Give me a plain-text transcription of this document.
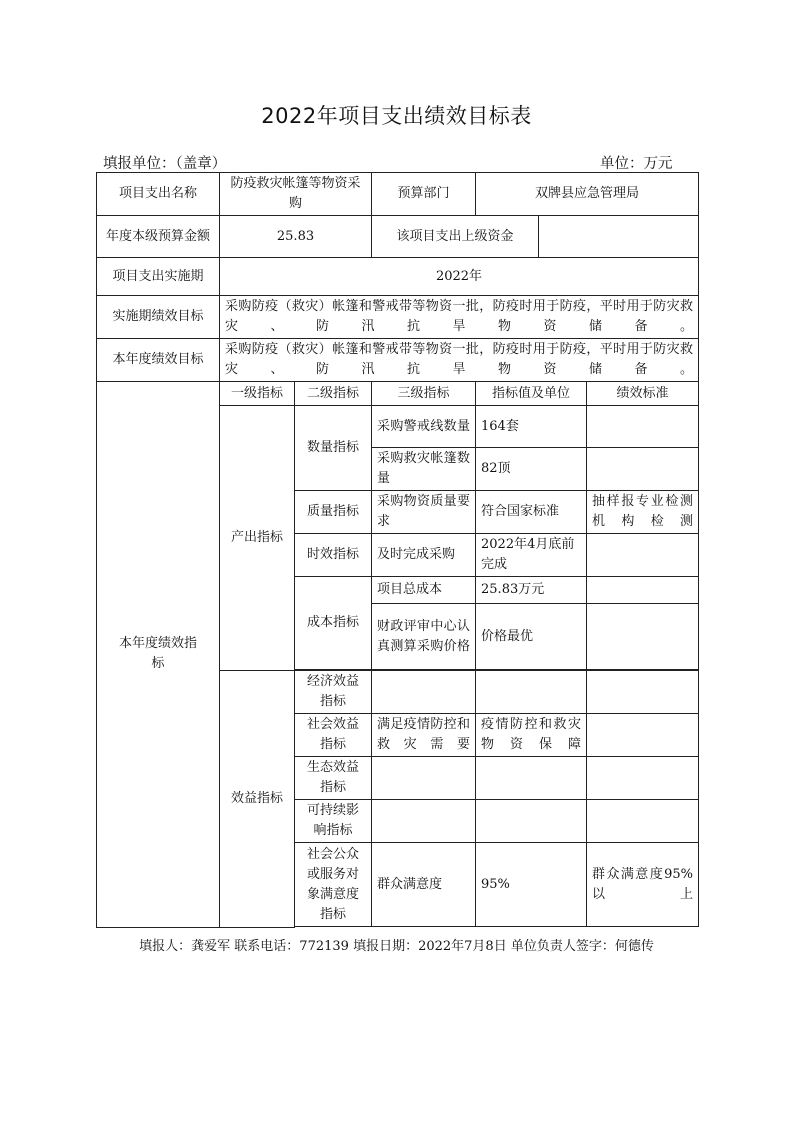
2022年项目支出绩效目标表
填报单位：（盖章）	单位：万元
项目支出名称	防疫救灾帐篷等物资采购		预算部门	双牌县应急管理局		
年度本级预算金额	25.83		该项目支出上级资金			
项目支出实施期	2022年					
实施期绩效目标	采购防疫（救灾）帐篷和警戒带等物资一批，防疫时用于防疫，平时用于防灾救灾、防汛抗旱物资储备。					
本年度绩效目标	采购防疫（救灾）帐篷和警戒带等物资一批，防疫时用于防疫，平时用于防灾救灾、防汛抗旱物资储备。					
本年度绩效指标	一级指标	二级指标	三级指标	指标值及单位		绩效标准
	产出指标	数量指标	采购警戒线数量	164套		
			采购救灾帐篷数量	82顶		
		质量指标	采购物资质量要求	符合国家标准		抽样报专业检测机构检测
		时效指标	及时完成采购	2022年4月底前完成		
		成本指标	项目总成本	25.83万元		
			财政评审中心认真测算采购价格	价格最优		

	效益指标	经济效益指标				
		社会效益指标	满足疫情防控和救灾需要	疫情防控和救灾物资保障		
		生态效益指标				
		可持续影响指标				
		社会公众或服务对象满意度指标	群众满意度	95%		群众满意度95%以上

填报人：龚爱军 联系电话：772139 填报日期：2022年7月8日 单位负责人签字：何德传
